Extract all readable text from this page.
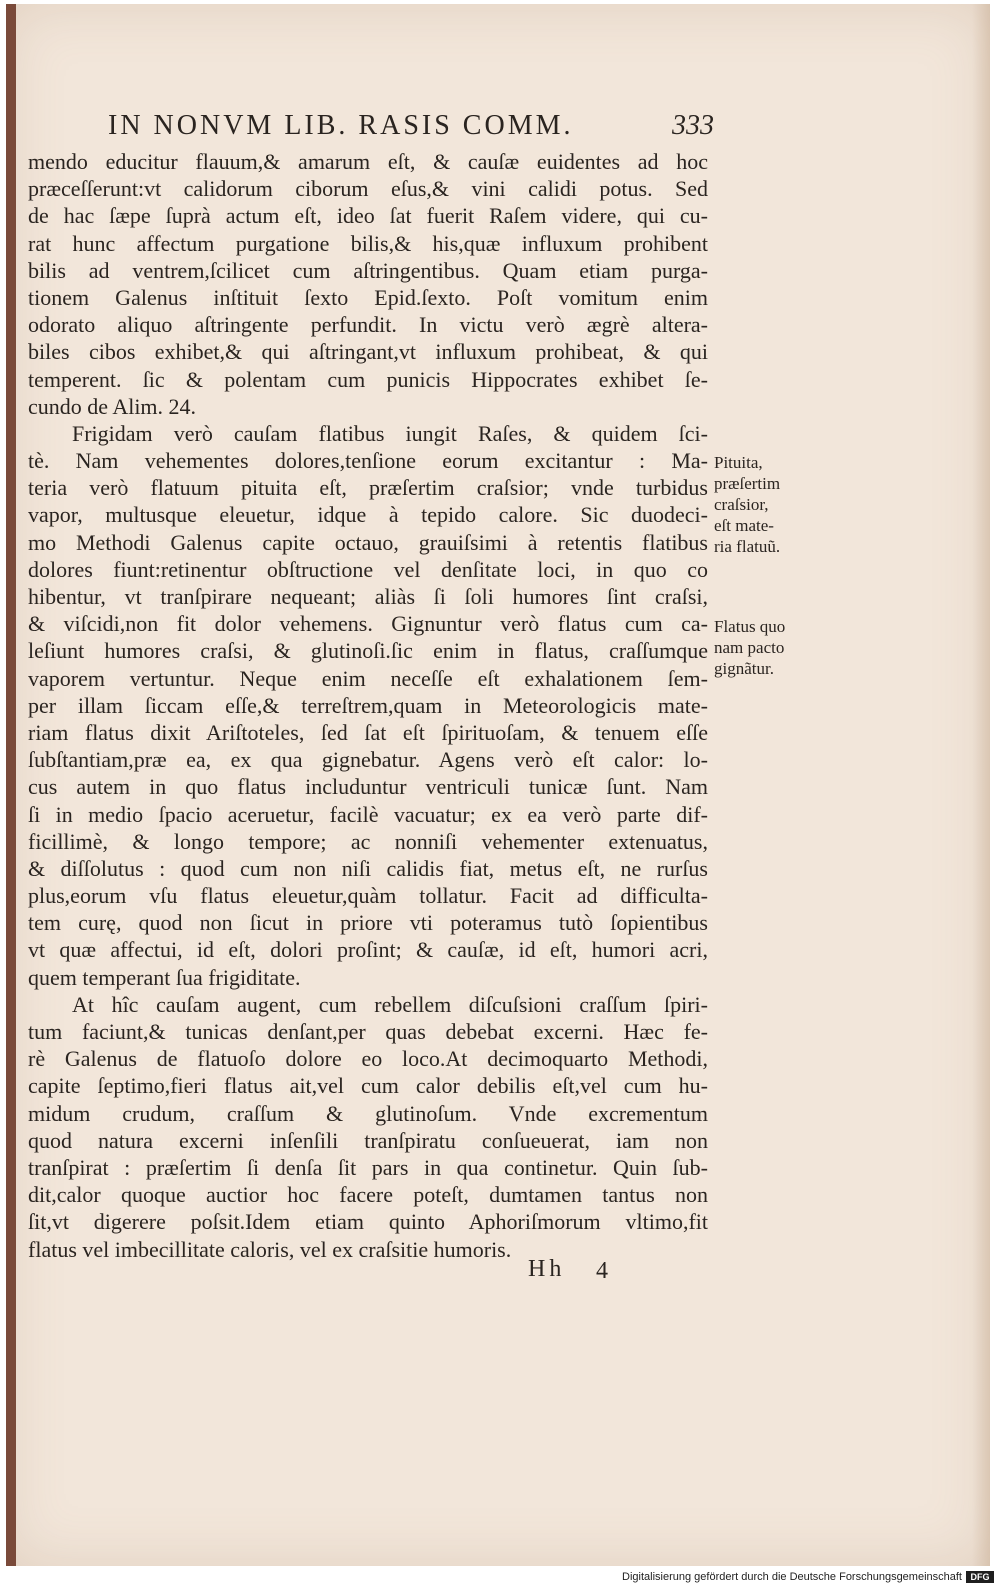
IN NONVM LIB. RASIS COMM.	333
mendo educitur flauum,& amarum eſt, & cauſæ euidentes ad hoc
præceſſerunt:vt calidorum ciborum eſus,& vini calidi potus. Sed
de hac ſæpe ſuprà actum eſt, ideo ſat fuerit Raſem videre, qui cu-
rat hunc affectum purgatione bilis,& his,quæ influxum prohibent
bilis ad ventrem,ſcilicet cum aſtringentibus. Quam etiam purga-
tionem Galenus inſtituit ſexto Epid.ſexto. Poſt vomitum enim
odorato aliquo aſtringente perfundit. In victu verò ægrè altera-
biles cibos exhibet,& qui aſtringant,vt influxum prohibeat, & qui
temperent. ſic & polentam cum punicis Hippocrates exhibet ſe-
cundo de Alim. 24.
Frigidam verò cauſam flatibus iungit Raſes, & quidem ſci-
tè. Nam vehementes dolores,tenſione eorum excitantur : Ma-
teria verò flatuum pituita eſt, præſertim craſsior; vnde turbidus
vapor, multusque eleuetur, idque à tepido calore. Sic duodeci-
mo Methodi Galenus capite octauo, grauiſsimi à retentis flatibus
dolores fiunt:retinentur obſtructione vel denſitate loci, in quo co
hibentur, vt tranſpirare nequeant; aliàs ſi ſoli humores ſint craſsi,
& viſcidi,non fit dolor vehemens. Gignuntur verò flatus cum ca-
leſiunt humores craſsi, & glutinoſi.ſic enim in flatus, craſſumque
vaporem vertuntur. Neque enim neceſſe eſt exhalationem ſem-
per illam ſiccam eſſe,& terreſtrem,quam in Meteorologicis mate-
riam flatus dixit Ariſtoteles, ſed ſat eſt ſpirituoſam, & tenuem eſſe
ſubſtantiam,præ ea, ex qua gignebatur. Agens verò eſt calor: lo-
cus autem in quo flatus includuntur ventriculi tunicæ ſunt. Nam
ſi in medio ſpacio aceruetur, facilè vacuatur; ex ea verò parte dif-
ficillimè, & longo tempore; ac nonniſi vehementer extenuatus,
& diſſolutus : quod cum non niſi calidis fiat, metus eſt, ne rurſus
plus,eorum vſu flatus eleuetur,quàm tollatur. Facit ad difficulta-
tem curę, quod non ſicut in priore vti poteramus tutò ſopientibus
vt quæ affectui, id eſt, dolori proſint; & cauſæ, id eſt, humori acri,
quem temperant ſua frigiditate.
At hîc cauſam augent, cum rebellem diſcuſsioni craſſum ſpiri-
tum faciunt,& tunicas denſant,per quas debebat excerni. Hæc fe-
rè Galenus de flatuoſo dolore eo loco.At decimoquarto Methodi,
capite ſeptimo,fieri flatus ait,vel cum calor debilis eſt,vel cum hu-
midum crudum, craſſum & glutinoſum. Vnde excrementum
quod natura excerni inſenſili tranſpiratu conſueuerat, iam non
tranſpirat : præſertim ſi denſa ſit pars in qua continetur. Quin ſub-
dit,calor quoque auctior hoc facere poteſt, dumtamen tantus non
ſit,vt digerere poſsit.Idem etiam quinto Aphoriſmorum vltimo,fit
flatus vel imbecillitate caloris, vel ex craſsitie humoris.
Pituita,
præſertim
craſsior,
eſt mate-
ria flatuũ.
Flatus quo
nam pacto
gignãtur.
Hh 4
Digitalisierung gefördert durch die Deutsche Forschungsgemeinschaft DFG
